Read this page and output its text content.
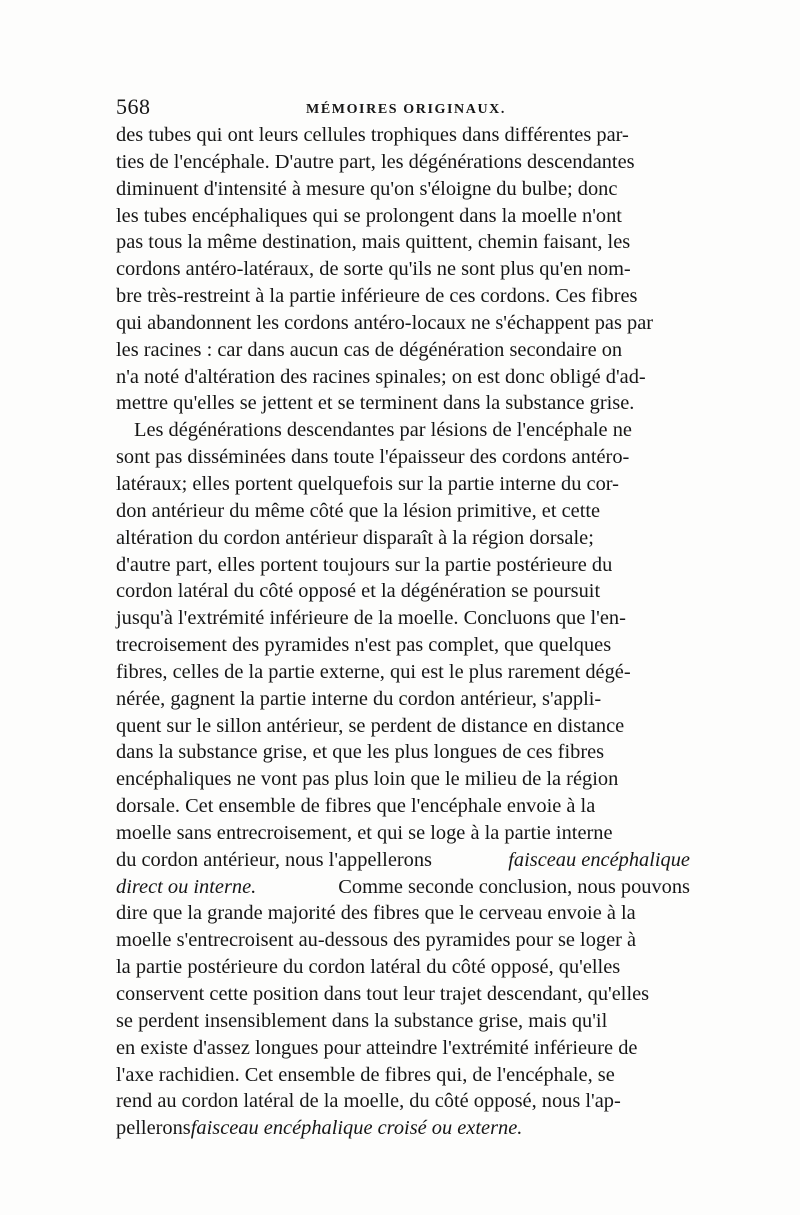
568	MÉMOIRES ORIGINAUX.
des tubes qui ont leurs cellules trophiques dans différentes par-
ties de l'encéphale. D'autre part, les dégénérations descendantes
diminuent d'intensité à mesure qu'on s'éloigne du bulbe; donc
les tubes encéphaliques qui se prolongent dans la moelle n'ont
pas tous la même destination, mais quittent, chemin faisant, les
cordons antéro-latéraux, de sorte qu'ils ne sont plus qu'en nom-
bre très-restreint à la partie inférieure de ces cordons. Ces fibres
qui abandonnent les cordons antéro-locaux ne s'échappent pas par
les racines : car dans aucun cas de dégénération secondaire on
n'a noté d'altération des racines spinales; on est donc obligé d'ad-
mettre qu'elles se jettent et se terminent dans la substance grise.
Les dégénérations descendantes par lésions de l'encéphale ne
sont pas disséminées dans toute l'épaisseur des cordons antéro-
latéraux; elles portent quelquefois sur la partie interne du cor-
don antérieur du même côté que la lésion primitive, et cette
altération du cordon antérieur disparaît à la région dorsale;
d'autre part, elles portent toujours sur la partie postérieure du
cordon latéral du côté opposé et la dégénération se poursuit
jusqu'à l'extrémité inférieure de la moelle. Concluons que l'en-
trecroisement des pyramides n'est pas complet, que quelques
fibres, celles de la partie externe, qui est le plus rarement dégé-
nérée, gagnent la partie interne du cordon antérieur, s'appli-
quent sur le sillon antérieur, se perdent de distance en distance
dans la substance grise, et que les plus longues de ces fibres
encéphaliques ne vont pas plus loin que le milieu de la région
dorsale. Cet ensemble de fibres que l'encéphale envoie à la
moelle sans entrecroisement, et qui se loge à la partie interne
du cordon antérieur, nous l'appellerons	faisceau encéphalique
direct ou interne.	Comme seconde conclusion, nous pouvons
dire que la grande majorité des fibres que le cerveau envoie à la
moelle s'entrecroisent au-dessous des pyramides pour se loger à
la partie postérieure du cordon latéral du côté opposé, qu'elles
conservent cette position dans tout leur trajet descendant, qu'elles
se perdent insensiblement dans la substance grise, mais qu'il
en existe d'assez longues pour atteindre l'extrémité inférieure de
l'axe rachidien. Cet ensemble de fibres qui, de l'encéphale, se
rend au cordon latéral de la moelle, du côté opposé, nous l'ap-
pellerons faisceau encéphalique croisé ou externe.
